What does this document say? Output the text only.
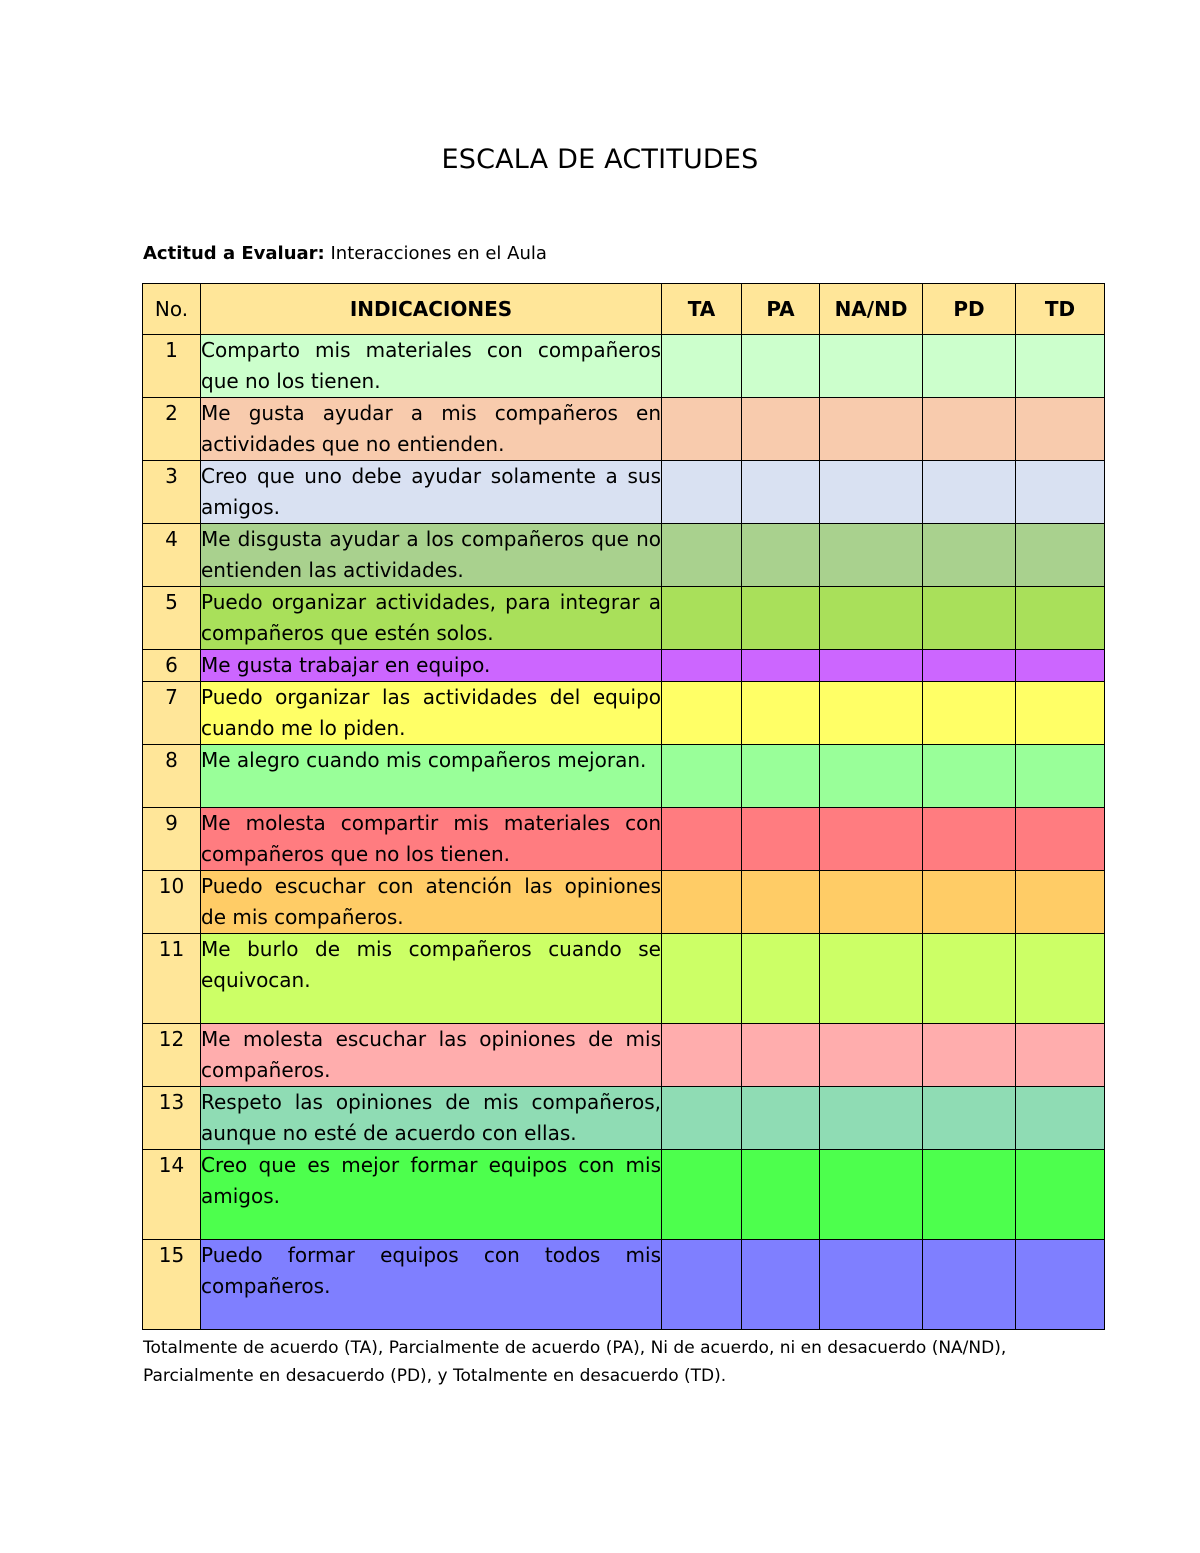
ESCALA DE ACTITUDES
Actitud a Evaluar: Interacciones en el Aula
No.	INDICACIONES	TA	PA	NA/ND	PD	TD
1	Comparto mis materiales con compañeros que no los tienen.					
2	Me gusta ayudar a mis compañeros en actividades que no entienden.					
3	Creo que uno debe ayudar solamente a sus amigos.					
4	Me disgusta ayudar a los compañeros que no entienden las actividades.					
5	Puedo organizar actividades, para integrar a compañeros que estén solos.					
6	Me gusta trabajar en equipo.					
7	Puedo organizar las actividades del equipo cuando me lo piden.					
8	Me alegro cuando mis compañeros mejoran.					
9	Me molesta compartir mis materiales con compañeros que no los tienen.					
10	Puedo escuchar con atención las opiniones de mis compañeros.					
11	Me burlo de mis compañeros cuando se equivocan.					
12	Me molesta escuchar las opiniones de mis compañeros.					
13	Respeto las opiniones de mis compañeros, aunque no esté de acuerdo con ellas.					
14	Creo que es mejor formar equipos con mis amigos.					
15	Puedo formar equipos con todos mis compañeros.					
Totalmente de acuerdo (TA), Parcialmente de acuerdo (PA), Ni de acuerdo, ni en desacuerdo (NA/ND), Parcialmente en desacuerdo (PD), y Totalmente en desacuerdo (TD).
